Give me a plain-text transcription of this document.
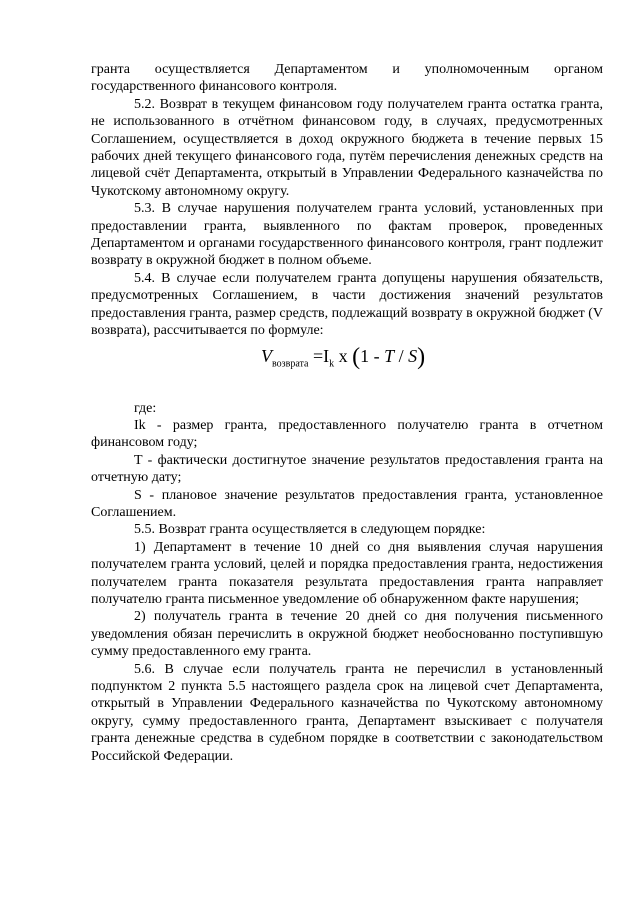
гранта осуществляется Департаментом и уполномоченным органом государственного финансового контроля.

5.2. Возврат в текущем финансовом году получателем гранта остатка гранта, не использованного в отчётном финансовом году, в случаях, предусмотренных Соглашением, осуществляется в доход окружного бюджета в течение первых 15 рабочих дней текущего финансового года, путём перечисления денежных средств на лицевой счёт Департамента, открытый в Управлении Федерального казначейства по Чукотскому автономному округу.

5.3. В случае нарушения получателем гранта условий, установленных при предоставлении гранта, выявленного по фактам проверок, проведенных Департаментом и органами государственного финансового контроля, грант подлежит возврату в окружной бюджет в полном объеме.

5.4. В случае если получателем гранта допущены нарушения обязательств, предусмотренных Соглашением, в части достижения значений результатов предоставления гранта, размер средств, подлежащий возврату в окружной бюджет (V возврата), рассчитывается по формуле:

$V_{возврата} =I_k$ x (1 - T / S)

где:

Ik - размер гранта, предоставленного получателю гранта в отчетном финансовом году;

T - фактически достигнутое значение результатов предоставления гранта на отчетную дату;

S - плановое значение результатов предоставления гранта, установленное Соглашением.

5.5. Возврат гранта осуществляется в следующем порядке:

1) Департамент в течение 10 дней со дня выявления случая нарушения получателем гранта условий, целей и порядка предоставления гранта, недостижения получателем гранта показателя результата предоставления гранта направляет получателю гранта письменное уведомление об обнаруженном факте нарушения;

2) получатель гранта в течение 20 дней со дня получения письменного уведомления обязан перечислить в окружной бюджет необоснованно поступившую сумму предоставленного ему гранта.

5.6. В случае если получатель гранта не перечислил в установленный подпунктом 2 пункта 5.5 настоящего раздела срок на лицевой счет Департамента, открытый в Управлении Федерального казначейства по Чукотскому автономному округу, сумму предоставленного гранта, Департамент взыскивает с получателя гранта денежные средства в судебном порядке в соответствии с законодательством Российской Федерации.
